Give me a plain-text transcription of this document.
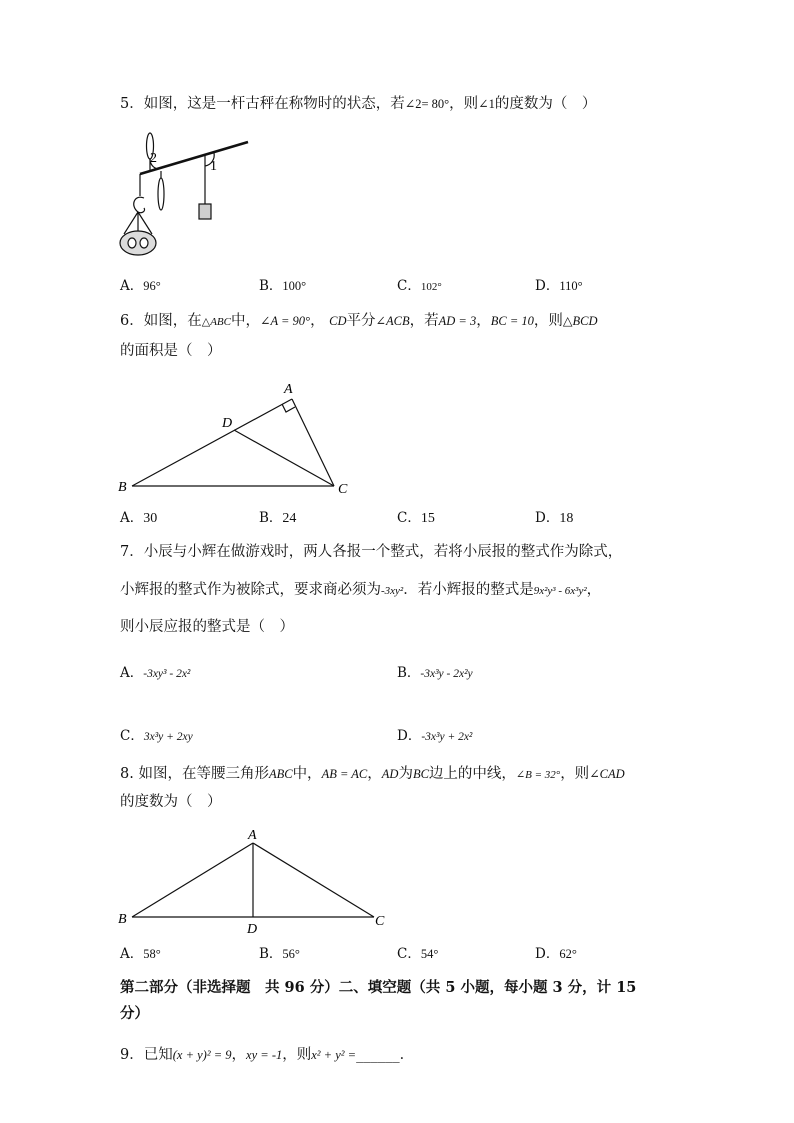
5．如图，这是一杆古秤在称物时的状态，若∠2= 80°，则∠1的度数为（　）
2
1
A．96°	B．100°	C．102°	D．110°
6．如图，在△ABC中，∠A = 90°， CD平分∠ACB，若AD = 3，BC = 10，则△BCD
的面积是（　）
A
D
B	C
A．30	B．24	C．15	D．18
7．小辰与小辉在做游戏时，两人各报一个整式，若将小辰报的整式作为除式，
小辉报的整式作为被除式，要求商必须为-3xy²．若小辉报的整式是9x²y³ - 6x³y²，
则小辰应报的整式是（　）
A．-3xy³ - 2x²	B．-3x³y - 2x²y
C．3x³y + 2xy	D．-3x³y + 2x²
8. 如图，在等腰三角形ABC中，AB = AC，AD为BC边上的中线，∠B = 32°，则∠CAD
的度数为（　）
A
B	C
D
A．58°	B．56°	C．54°	D．62°
第二部分（非选择题　共 96 分）二、填空题（共 5 小题，每小题 3 分，计 15
分）
9．已知(x + y)² = 9，xy = -1，则x² + y² =______．
